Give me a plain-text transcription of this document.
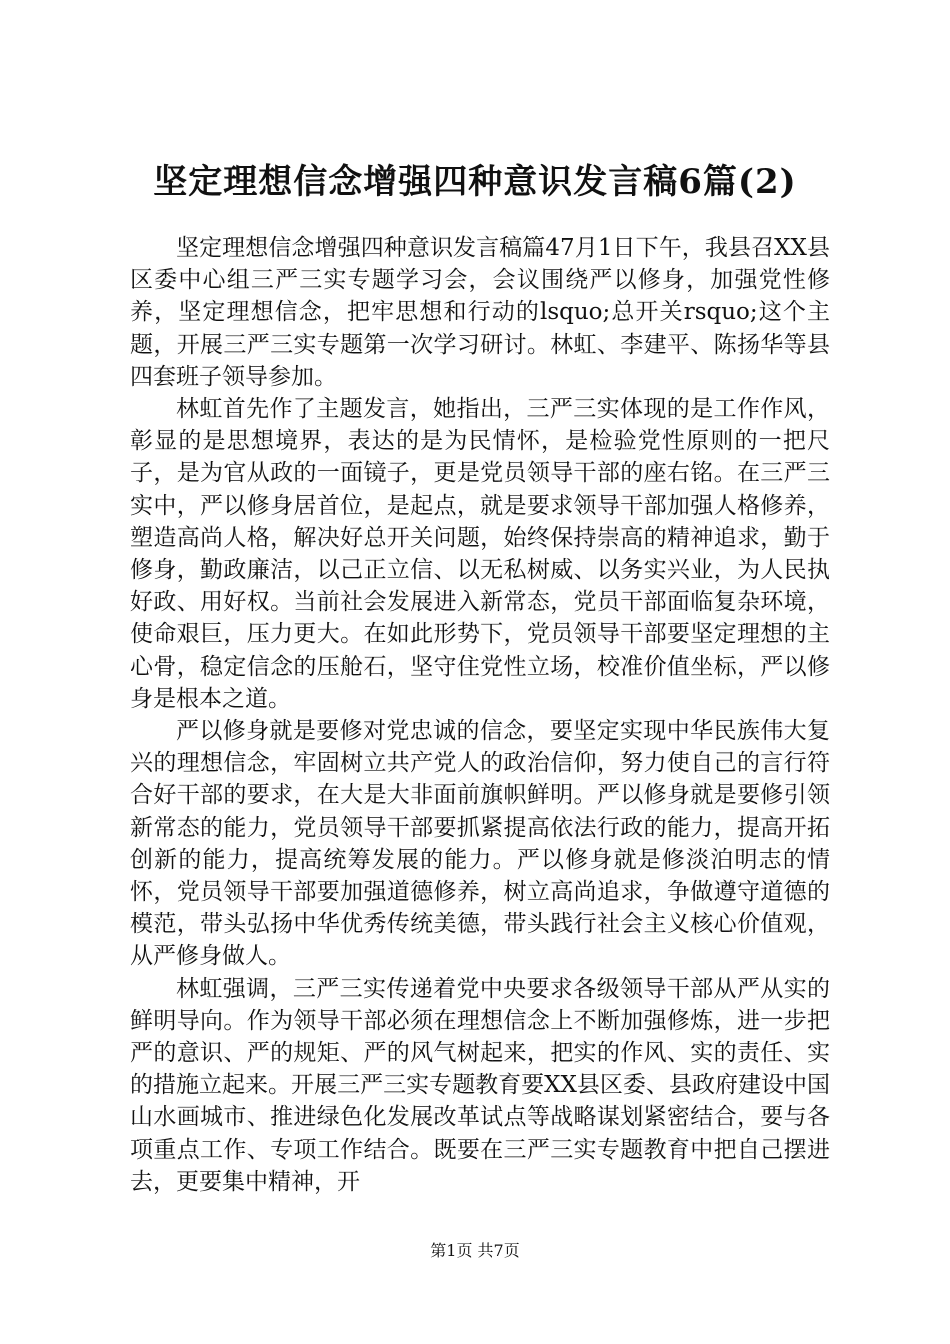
坚定理想信念增强四种意识发言稿6篇(2)

坚定理想信念增强四种意识发言稿篇47月1日下午，我县召XX县区委中心组三严三实专题学习会，会议围绕严以修身，加强党性修养，坚定理想信念，把牢思想和行动的lsquo;总开关rsquo;这个主题，开展三严三实专题第一次学习研讨。林虹、李建平、陈扬华等县四套班子领导参加。

林虹首先作了主题发言，她指出，三严三实体现的是工作作风，彰显的是思想境界，表达的是为民情怀，是检验党性原则的一把尺子，是为官从政的一面镜子，更是党员领导干部的座右铭。在三严三实中，严以修身居首位，是起点，就是要求领导干部加强人格修养，塑造高尚人格，解决好总开关问题，始终保持崇高的精神追求，勤于修身，勤政廉洁，以己正立信、以无私树威、以务实兴业，为人民执好政、用好权。当前社会发展进入新常态，党员干部面临复杂环境，使命艰巨，压力更大。在如此形势下，党员领导干部要坚定理想的主心骨，稳定信念的压舱石，坚守住党性立场，校准价值坐标，严以修身是根本之道。

严以修身就是要修对党忠诚的信念，要坚定实现中华民族伟大复兴的理想信念，牢固树立共产党人的政治信仰，努力使自己的言行符合好干部的要求，在大是大非面前旗帜鲜明。严以修身就是要修引领新常态的能力，党员领导干部要抓紧提高依法行政的能力，提高开拓创新的能力，提高统筹发展的能力。严以修身就是修淡泊明志的情怀，党员领导干部要加强道德修养，树立高尚追求，争做遵守道德的模范，带头弘扬中华优秀传统美德，带头践行社会主义核心价值观，从严修身做人。

林虹强调，三严三实传递着党中央要求各级领导干部从严从实的鲜明导向。作为领导干部必须在理想信念上不断加强修炼，进一步把严的意识、严的规矩、严的风气树起来，把实的作风、实的责任、实的措施立起来。开展三严三实专题教育要XX县区委、县政府建设中国山水画城市、推进绿色化发展改革试点等战略谋划紧密结合，要与各项重点工作、专项工作结合。既要在三严三实专题教育中把自己摆进去，更要集中精神，开

第1页 共7页
